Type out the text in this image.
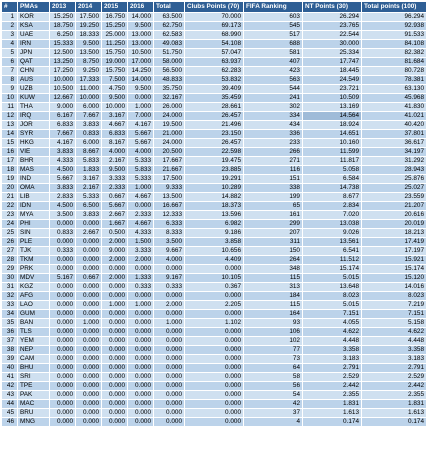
#	PMAs	2013	2014	2015	2016	Total	Clubs Points (70)	FIFA Ranking	NT Points (30)	Total points (100)
1	KOR	15.250	17.500	16.750	14.000	63.500	70.000	603	26.294	96.294
2	KSA	18.750	19.250	15.250	9.500	62.750	69.173	545	23.765	92.938
3	UAE	6.250	18.333	25.000	13.000	62.583	68.990	517	22.544	91.533
4	IRN	15.333	9.500	11.250	13.000	49.083	54.108	688	30.000	84.108
5	JPN	12.500	13.500	15.750	10.500	51.750	57.047	581	25.334	82.382
6	QAT	13.250	8.750	19.000	17.000	58.000	63.937	407	17.747	81.684
7	CHN	17.250	9.250	15.750	14.250	56.500	62.283	423	18.445	80.728
8	AUS	10.000	17.333	7.500	14.000	48.833	53.832	563	24.549	78.381
9	UZB	10.500	11.000	4.750	9.500	35.750	39.409	544	23.721	63.130
10	KUW	12.667	10.000	9.500	0.000	32.167	35.459	241	10.509	45.968
11	THA	9.000	6.000	10.000	1.000	26.000	28.661	302	13.169	41.830
12	IRQ	6.167	7.667	3.167	7.000	24.000	26.457	334	14.564	41.021
13	JOR	6.833	3.833	4.667	4.167	19.500	21.496	434	18.924	40.420
14	SYR	7.667	0.833	6.833	5.667	21.000	23.150	336	14.651	37.801
15	HKG	4.167	6.000	8.167	5.667	24.000	26.457	233	10.160	36.617
16	VIE	3.833	8.667	4.000	4.000	20.500	22.598	266	11.599	34.197
17	BHR	4.333	5.833	2.167	5.333	17.667	19.475	271	11.817	31.292
18	MAS	4.500	1.833	9.500	5.833	21.667	23.885	116	5.058	28.943
19	IND	5.667	3.167	3.333	5.333	17.500	19.291	151	6.584	25.876
20	OMA	3.833	2.167	2.333	1.000	9.333	10.289	338	14.738	25.027
21	LIB	2.833	5.333	0.667	4.667	13.500	14.882	199	8.677	23.559
22	IDN	4.500	6.500	5.667	0.000	16.667	18.373	65	2.834	21.207
23	MYA	3.500	3.833	2.667	2.333	12.333	13.596	161	7.020	20.616
24	PHI	0.000	0.000	1.667	4.667	6.333	6.982	299	13.038	20.019
25	SIN	0.833	2.667	0.500	4.333	8.333	9.186	207	9.026	18.213
26	PLE	0.000	0.000	2.000	1.500	3.500	3.858	311	13.561	17.419
27	TJK	0.333	0.000	9.000	3.333	9.667	10.656	150	6.541	17.197
28	TKM	0.000	0.000	2.000	2.000	4.000	4.409	264	11.512	15.921
29	PRK	0.000	0.000	0.000	0.000	0.000	0.000	348	15.174	15.174
30	MDV	5.167	0.667	2.000	1.333	9.167	10.105	115	5.015	15.120
31	KGZ	0.000	0.000	0.000	0.333	0.333	0.367	313	13.648	14.016
32	AFG	0.000	0.000	0.000	0.000	0.000	0.000	184	8.023	8.023
33	LAO	0.000	0.000	1.000	1.000	2.000	2.205	115	5.015	7.219
34	GUM	0.000	0.000	0.000	0.000	0.000	0.000	164	7.151	7.151
35	BAN	0.000	1.000	0.000	0.000	1.000	1.102	93	4.055	5.158
36	TLS	0.000	0.000	0.000	0.000	0.000	0.000	106	4.622	4.622
37	YEM	0.000	0.000	0.000	0.000	0.000	0.000	102	4.448	4.448
38	NEP	0.000	0.000	0.000	0.000	0.000	0.000	77	3.358	3.358
39	CAM	0.000	0.000	0.000	0.000	0.000	0.000	73	3.183	3.183
40	BHU	0.000	0.000	0.000	0.000	0.000	0.000	64	2.791	2.791
41	SRI	0.000	0.000	0.000	0.000	0.000	0.000	58	2.529	2.529
42	TPE	0.000	0.000	0.000	0.000	0.000	0.000	56	2.442	2.442
43	PAK	0.000	0.000	0.000	0.000	0.000	0.000	54	2.355	2.355
44	MAC	0.000	0.000	0.000	0.000	0.000	0.000	42	1.831	1.831
45	BRU	0.000	0.000	0.000	0.000	0.000	0.000	37	1.613	1.613
46	MNG	0.000	0.000	0.000	0.000	0.000	0.000	4	0.174	0.174
